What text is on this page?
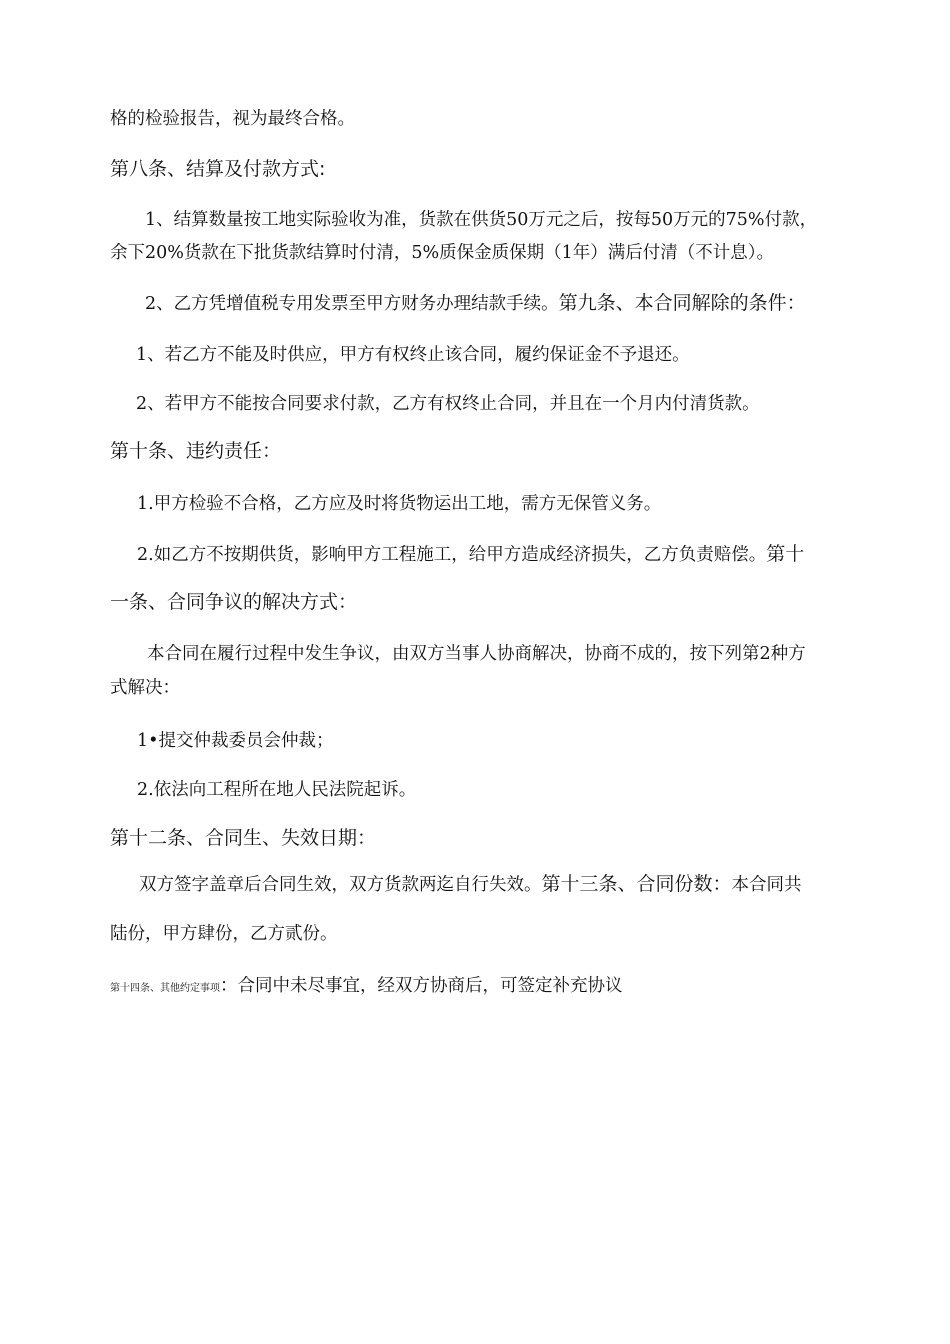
格的检验报告，视为最终合格。
第八条、结算及付款方式:
1、结算数量按工地实际验收为准，货款在供货50万元之后，按每50万元的75%付款，
余下20%货款在下批货款结算时付清，5%质保金质保期（1年）满后付清（不计息）。
2、乙方凭增值税专用发票至甲方财务办理结款手续。第九条、本合同解除的条件：
1、若乙方不能及时供应，甲方有权终止该合同，履约保证金不予退还。
2、若甲方不能按合同要求付款，乙方有权终止合同，并且在一个月内付清货款。
第十条、违约责任：
1.甲方检验不合格，乙方应及时将货物运出工地，需方无保管义务。
2.如乙方不按期供货，影响甲方工程施工，给甲方造成经济损失，乙方负责赔偿。第十
一条、合同争议的解决方式：
本合同在履行过程中发生争议，由双方当事人协商解决，协商不成的，按下列第2种方
式解决：
1•提交仲裁委员会仲裁；
2.依法向工程所在地人民法院起诉。
第十二条、合同生、失效日期：
双方签字盖章后合同生效，双方货款两迄自行失效。第十三条、合同份数：本合同共
陆份，甲方肆份，乙方贰份。
第十四条、其他约定事项：合同中未尽事宜，经双方协商后，可签定补充协议
